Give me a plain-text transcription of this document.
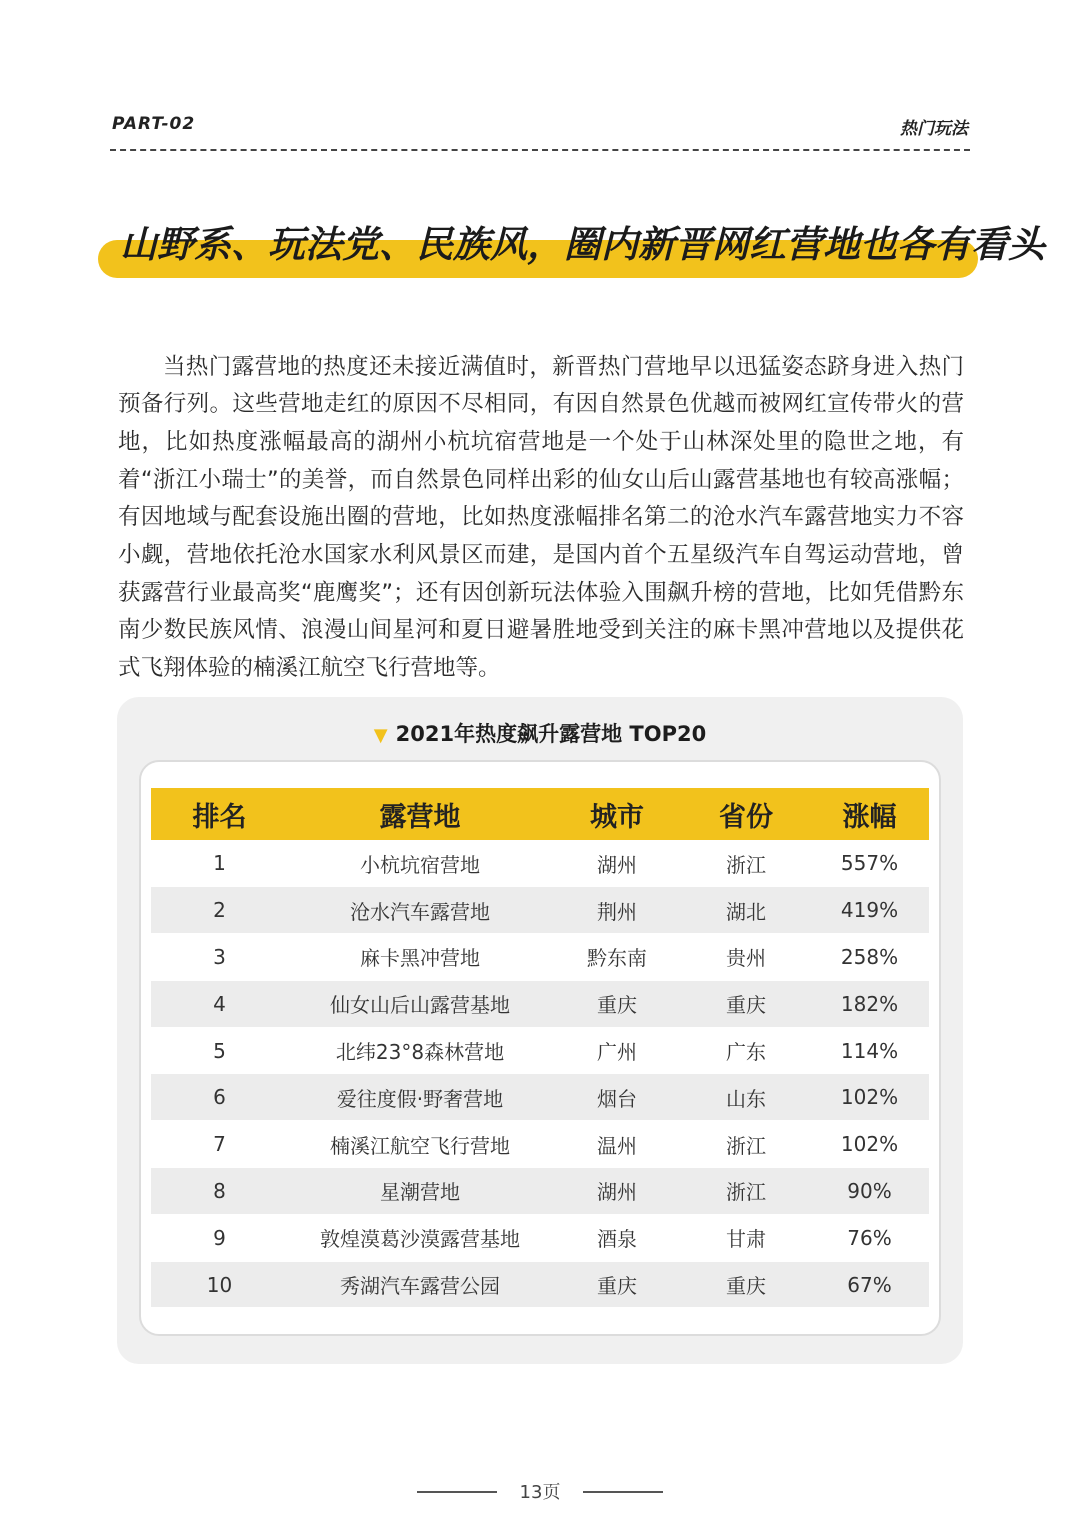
PART-02	热门玩法
山野系、玩法党、民族风，圈内新晋网红营地也各有看头

当热门露营地的热度还未接近满值时，新晋热门营地早以迅猛姿态跻身进入热门预备行列。这些营地走红的原因不尽相同，有因自然景色优越而被网红宣传带火的营地，比如热度涨幅最高的湖州小杭坑宿营地是一个处于山林深处里的隐世之地，有着“浙江小瑞士”的美誉，而自然景色同样出彩的仙女山后山露营基地也有较高涨幅；有因地域与配套设施出圈的营地，比如热度涨幅排名第二的沧水汽车露营地实力不容小觑，营地依托沧水国家水利风景区而建，是国内首个五星级汽车自驾运动营地，曾获露营行业最高奖“鹿鹰奖”；还有因创新玩法体验入围飙升榜的营地，比如凭借黔东南少数民族风情、浪漫山间星河和夏日避暑胜地受到关注的麻卡黑冲营地以及提供花式飞翔体验的楠溪江航空飞行营地等。

▼ 2021年热度飙升露营地 TOP20
排名	露营地	城市	省份	涨幅
1	小杭坑宿营地	湖州	浙江	557%
2	沧水汽车露营地	荆州	湖北	419%
3	麻卡黑冲营地	黔东南	贵州	258%
4	仙女山后山露营基地	重庆	重庆	182%
5	北纬23°8森林营地	广州	广东	114%
6	爱往度假·野奢营地	烟台	山东	102%
7	楠溪江航空飞行营地	温州	浙江	102%
8	星潮营地	湖州	浙江	90%
9	敦煌漠葛沙漠露营基地	酒泉	甘肃	76%
10	秀湖汽车露营公园	重庆	重庆	67%
13页
